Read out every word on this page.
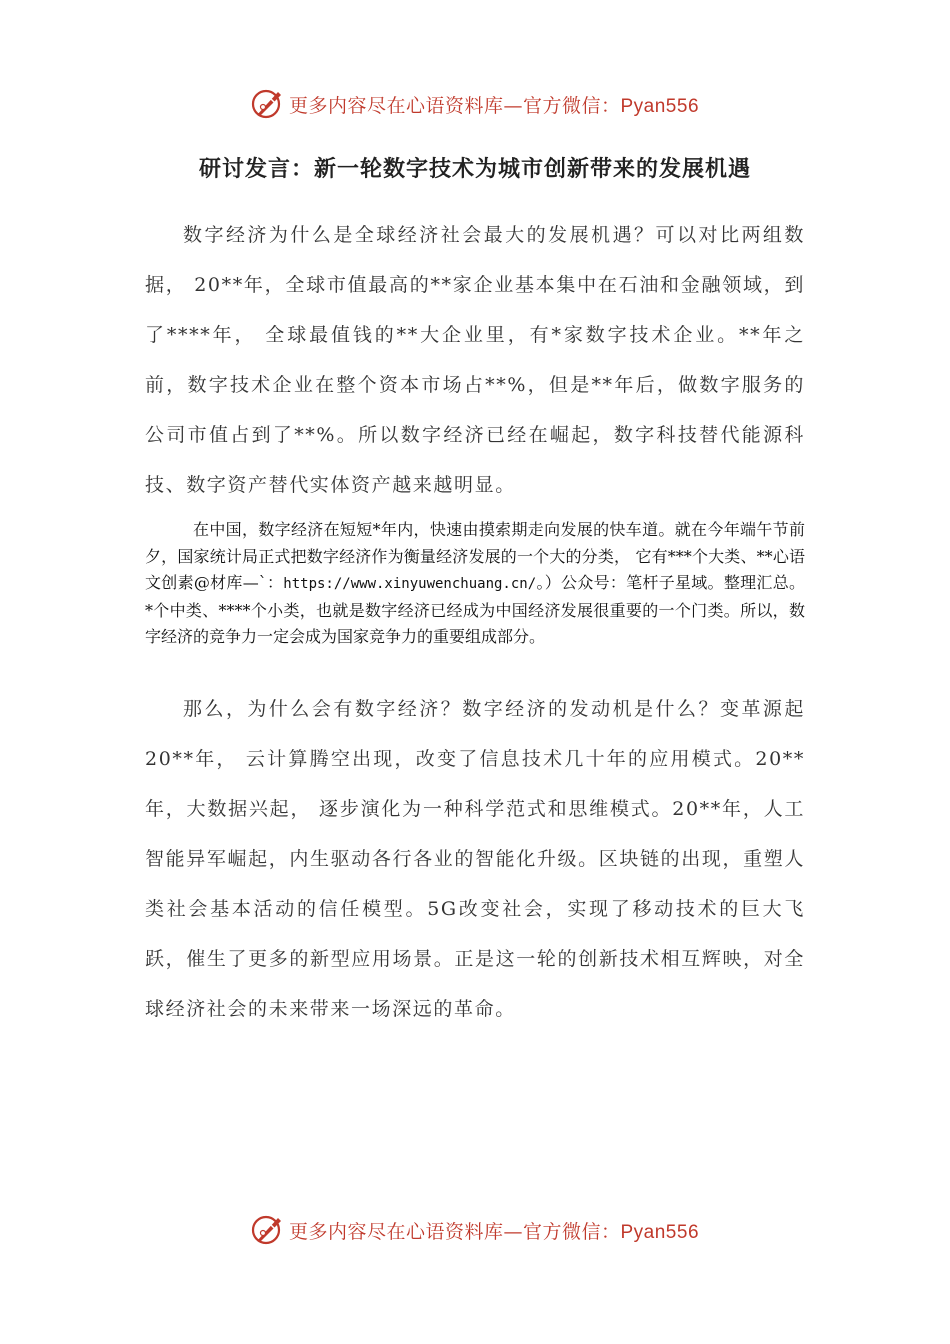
更多内容尽在心语资料库—官方微信：Pyan556
研讨发言：新一轮数字技术为城市创新带来的发展机遇

数字经济为什么是全球经济社会最大的发展机遇？可以对比两组数据， 20**年，全球市值最高的**家企业基本集中在石油和金融领域，到了****年， 全球最值钱的**大企业里，有*家数字技术企业。**年之前，数字技术企业在整个资本市场占**%，但是**年后，做数字服务的公司市值占到了**%。所以数字经济已经在崛起，数字科技替代能源科技、数字资产替代实体资产越来越明显。

在中国，数字经济在短短*年内，快速由摸索期走向发展的快车道。就在今年端午节前夕，国家统计局正式把数字经济作为衡量经济发展的一个大的分类， 它有***个大类、**心语文创素@材库—`：https://www.xinyuwenchuang.cn/。）公众号：笔杆子星域。整理汇总。*个中类、****个小类，也就是数字经济已经成为中国经济发展很重要的一个门类。所以，数字经济的竞争力一定会成为国家竞争力的重要组成部分。

那么，为什么会有数字经济？数字经济的发动机是什么？变革源起20**年， 云计算腾空出现，改变了信息技术几十年的应用模式。20**年，大数据兴起， 逐步演化为一种科学范式和思维模式。20**年，人工智能异军崛起，内生驱动各行各业的智能化升级。区块链的出现，重塑人类社会基本活动的信任模型。5G改变社会，实现了移动技术的巨大飞跃，催生了更多的新型应用场景。正是这一轮的创新技术相互辉映，对全球经济社会的未来带来一场深远的革命。

更多内容尽在心语资料库—官方微信：Pyan556
